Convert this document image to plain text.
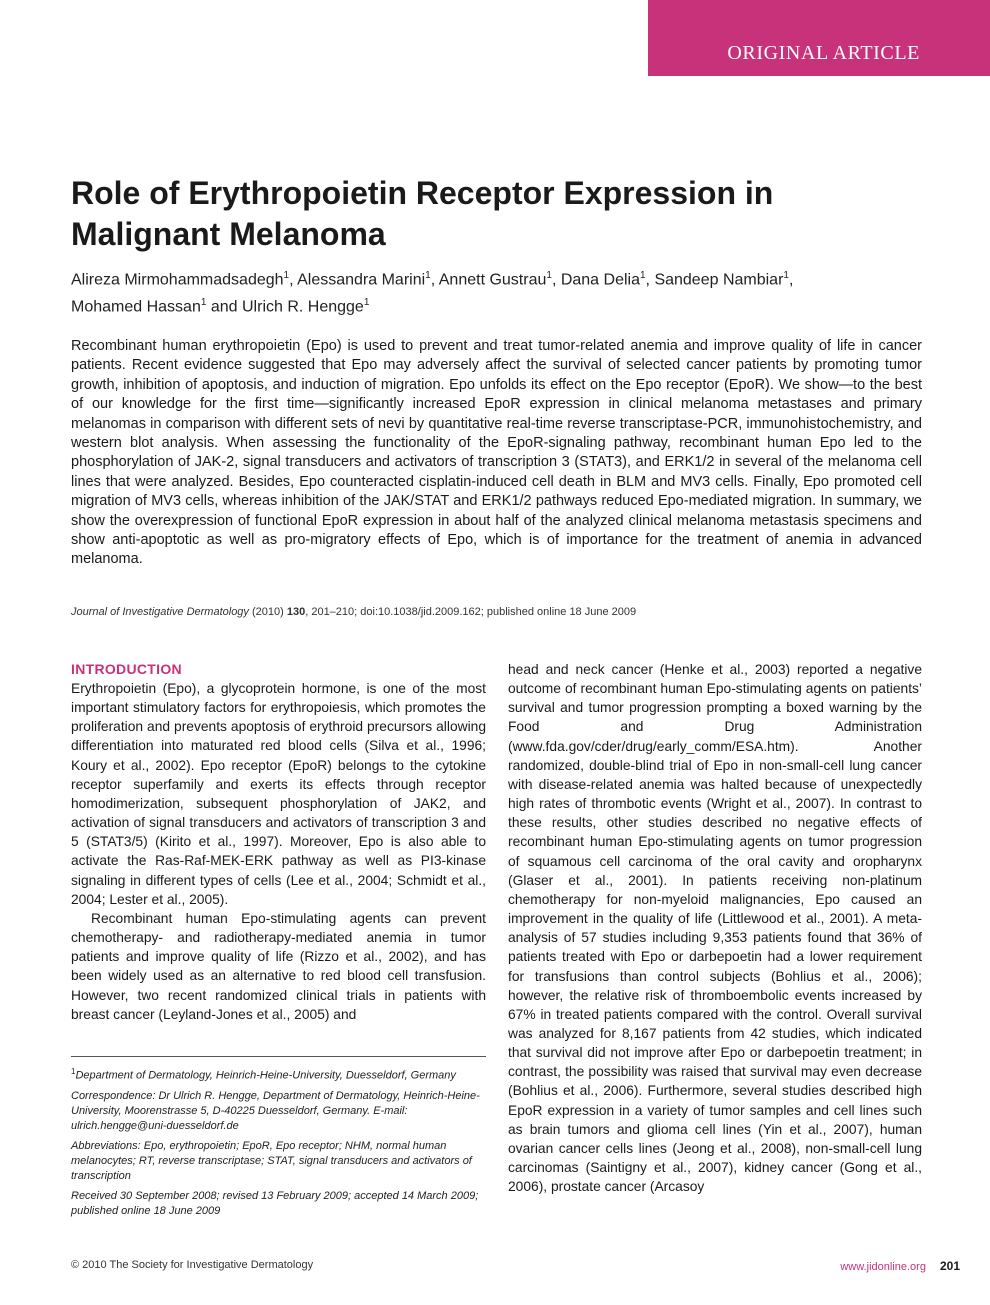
ORIGINAL ARTICLE
Role of Erythropoietin Receptor Expression in Malignant Melanoma
Alireza Mirmohammadsadegh$^1$, Alessandra Marini$^1$, Annett Gustrau$^1$, Dana Delia$^1$, Sandeep Nambiar$^1$,
Mohamed Hassan$^1$ and Ulrich R. Hengge$^1$

Recombinant human erythropoietin (Epo) is used to prevent and treat tumor-related anemia and improve quality of life in cancer patients. Recent evidence suggested that Epo may adversely affect the survival of selected cancer patients by promoting tumor growth, inhibition of apoptosis, and induction of migration. Epo unfolds its effect on the Epo receptor (EpoR). We show—to the best of our knowledge for the first time—significantly increased EpoR expression in clinical melanoma metastases and primary melanomas in comparison with different sets of nevi by quantitative real-time reverse transcriptase-PCR, immunohistochemistry, and western blot analysis. When assessing the functionality of the EpoR-signaling pathway, recombinant human Epo led to the phosphorylation of JAK-2, signal transducers and activators of transcription 3 (STAT3), and ERK1/2 in several of the melanoma cell lines that were analyzed. Besides, Epo counteracted cisplatin-induced cell death in BLM and MV3 cells. Finally, Epo promoted cell migration of MV3 cells, whereas inhibition of the JAK/STAT and ERK1/2 pathways reduced Epo-mediated migration. In summary, we show the overexpression of functional EpoR expression in about half of the analyzed clinical melanoma metastasis specimens and show anti-apoptotic as well as pro-migratory effects of Epo, which is of importance for the treatment of anemia in advanced melanoma.

Journal of Investigative Dermatology (2010) 130, 201–210; doi:10.1038/jid.2009.162; published online 18 June 2009
INTRODUCTION

Erythropoietin (Epo), a glycoprotein hormone, is one of the most important stimulatory factors for erythropoiesis, which promotes the proliferation and prevents apoptosis of erythroid precursors allowing differentiation into maturated red blood cells (Silva et al., 1996; Koury et al., 2002). Epo receptor (EpoR) belongs to the cytokine receptor superfamily and exerts its effects through receptor homodimerization, subsequent phosphorylation of JAK2, and activation of signal transducers and activators of transcription 3 and 5 (STAT3/5) (Kirito et al., 1997). Moreover, Epo is also able to activate the Ras-Raf-MEK-ERK pathway as well as PI3-kinase signaling in different types of cells (Lee et al., 2004; Schmidt et al., 2004; Lester et al., 2005).

Recombinant human Epo-stimulating agents can prevent chemotherapy- and radiotherapy-mediated anemia in tumor patients and improve quality of life (Rizzo et al., 2002), and has been widely used as an alternative to red blood cell transfusion. However, two recent randomized clinical trials in patients with breast cancer (Leyland-Jones et al., 2005) and

$^1$Department of Dermatology, Heinrich-Heine-University, Duesseldorf, Germany

Correspondence: Dr Ulrich R. Hengge, Department of Dermatology, Heinrich-Heine-University, Moorenstrasse 5, D-40225 Duesseldorf, Germany. E-mail: ulrich.hengge@uni-duesseldorf.de

Abbreviations: Epo, erythropoietin; EpoR, Epo receptor; NHM, normal human melanocytes; RT, reverse transcriptase; STAT, signal transducers and activators of transcription

Received 30 September 2008; revised 13 February 2009; accepted 14 March 2009; published online 18 June 2009

head and neck cancer (Henke et al., 2003) reported a negative outcome of recombinant human Epo-stimulating agents on patients’ survival and tumor progression prompting a boxed warning by the Food and Drug Administration (www.fda.gov/cder/drug/early_comm/ESA.htm). Another randomized, double-blind trial of Epo in non-small-cell lung cancer with disease-related anemia was halted because of unexpectedly high rates of thrombotic events (Wright et al., 2007). In contrast to these results, other studies described no negative effects of recombinant human Epo-stimulating agents on tumor progression of squamous cell carcinoma of the oral cavity and oropharynx (Glaser et al., 2001). In patients receiving non-platinum chemotherapy for non-myeloid malignancies, Epo caused an improvement in the quality of life (Littlewood et al., 2001). A meta-analysis of 57 studies including 9,353 patients found that 36% of patients treated with Epo or darbepoetin had a lower requirement for transfusions than control subjects (Bohlius et al., 2006); however, the relative risk of thromboembolic events increased by 67% in treated patients compared with the control. Overall survival was analyzed for 8,167 patients from 42 studies, which indicated that survival did not improve after Epo or darbepoetin treatment; in contrast, the possibility was raised that survival may even decrease (Bohlius et al., 2006). Furthermore, several studies described high EpoR expression in a variety of tumor samples and cell lines such as brain tumors and glioma cell lines (Yin et al., 2007), human ovarian cancer cells lines (Jeong et al., 2008), non-small-cell lung carcinomas (Saintigny et al., 2007), kidney cancer (Gong et al., 2006), prostate cancer (Arcasoy

© 2010 The Society for Investigative Dermatology	www.jidonline.org 201
